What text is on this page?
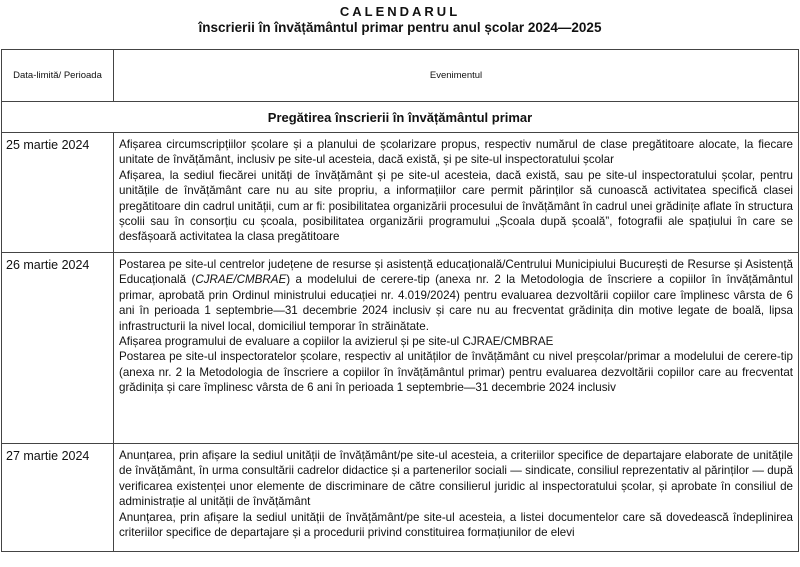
CALENDARUL
înscrierii în învățământul primar pentru anul școlar 2024—2025
Data-limită/ Perioada	Evenimentul
Pregătirea înscrierii în învățământul primar	
25 martie 2024	Afișarea circumscripțiilor școlare și a planului de școlarizare propus, respectiv numărul de clase pregătitoare alocate, la fiecare unitate de învățământ, inclusiv pe site-ul acesteia, dacă există, și pe site-ul inspectoratului școlar

Afișarea, la sediul fiecărei unități de învățământ și pe site-ul acesteia, dacă există, sau pe site-ul inspectoratului școlar, pentru unitățile de învățământ care nu au site propriu, a informațiilor care permit părinților să cunoască activitatea specifică clasei pregătitoare din cadrul unității, cum ar fi: posibilitatea organizării procesului de învățământ în cadrul unei grădinițe aflate în structura școlii sau în consorțiu cu școala, posibilitatea organizării programului „Școala după școală”, fotografii ale spațiului în care se desfășoară activitatea la clasa pregătitoare

26 martie 2024	Postarea pe site-ul centrelor județene de resurse și asistență educațională/Centrului Municipiului București de Resurse și Asistență Educațională (CJRAE/CMBRAE) a modelului de cerere-tip (anexa nr. 2 la Metodologia de înscriere a copiilor în învățământul primar, aprobată prin Ordinul ministrului educației nr. 4.019/2024) pentru evaluarea dezvoltării copiilor care împlinesc vârsta de 6 ani în perioada 1 septembrie—31 decembrie 2024 inclusiv și care nu au frecventat grădinița din motive legate de boală, lipsa infrastructurii la nivel local, domiciliul temporar în străinătate.

Afișarea programului de evaluare a copiilor la avizierul și pe site-ul CJRAE/CMBRAE

Postarea pe site-ul inspectoratelor școlare, respectiv al unităților de învățământ cu nivel preșcolar/primar a modelului de cerere-tip (anexa nr. 2 la Metodologia de înscriere a copiilor în învățământul primar) pentru evaluarea dezvoltării copiilor care au frecventat grădinița și care împlinesc vârsta de 6 ani în perioada 1 septembrie—31 decembrie 2024 inclusiv

27 martie 2024	Anunțarea, prin afișare la sediul unității de învățământ/pe site-ul acesteia, a criteriilor specifice de departajare elaborate de unitățile de învățământ, în urma consultării cadrelor didactice și a partenerilor sociali — sindicate, consiliul reprezentativ al părinților — după verificarea existenței unor elemente de discriminare de către consilierul juridic al inspectoratului școlar, și aprobate în consiliul de administrație al unității de învățământ

Anunțarea, prin afișare la sediul unității de învățământ/pe site-ul acesteia, a listei documentelor care să dovedească îndeplinirea criteriilor specifice de departajare și a procedurii privind constituirea formațiunilor de elevi
